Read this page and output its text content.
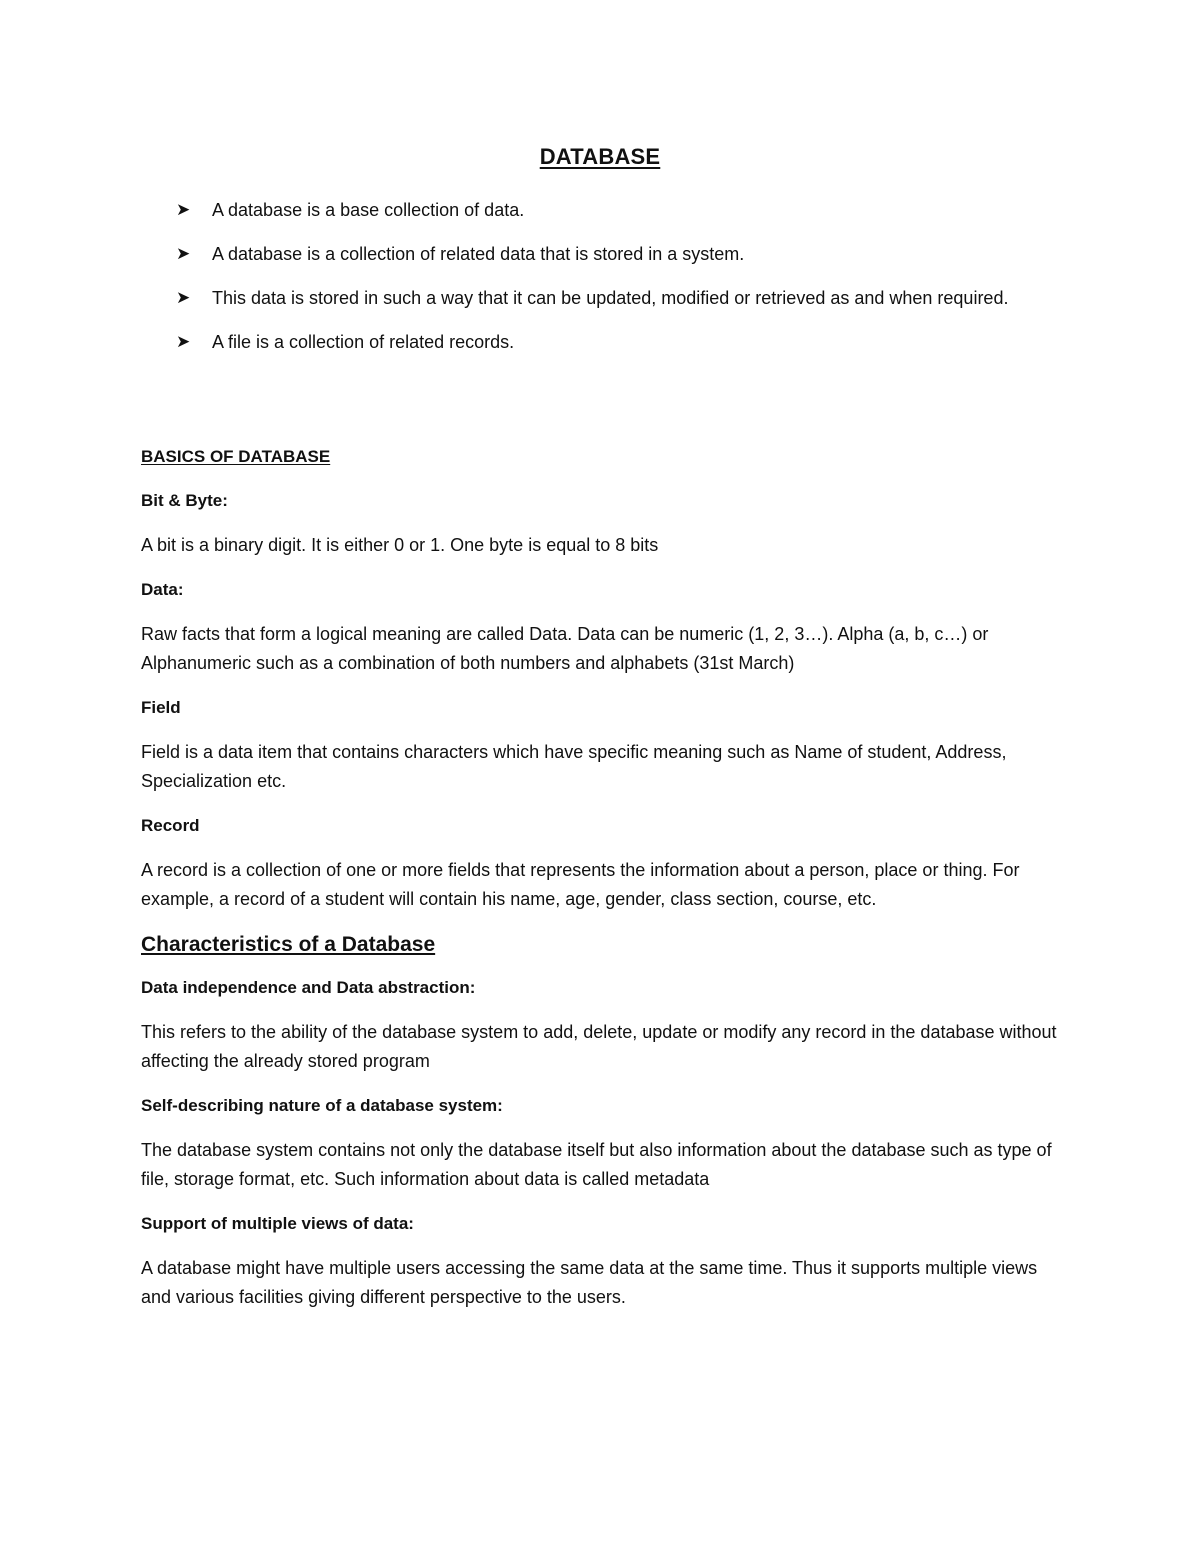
DATABASE
➤ A database is a base collection of data.
➤ A database is a collection of related data that is stored in a system.
➤ This data is stored in such a way that it can be updated, modified or retrieved as and when required.
➤ A file is a collection of related records.
BASICS OF DATABASE
Bit & Byte:

A bit is a binary digit. It is either 0 or 1. One byte is equal to 8 bits

Data:

Raw facts that form a logical meaning are called Data. Data can be numeric (1, 2, 3…). Alpha (a, b, c…) or Alphanumeric such as a combination of both numbers and alphabets (31st March)

Field

Field is a data item that contains characters which have specific meaning such as Name of student, Address, Specialization etc.

Record

A record is a collection of one or more fields that represents the information about a person, place or thing. For example, a record of a student will contain his name, age, gender, class section, course, etc.

Characteristics of a Database
Data independence and Data abstraction:

This refers to the ability of the database system to add, delete, update or modify any record in the database without affecting the already stored program

Self-describing nature of a database system:

The database system contains not only the database itself but also information about the database such as type of file, storage format, etc. Such information about data is called metadata

Support of multiple views of data:

A database might have multiple users accessing the same data at the same time. Thus it supports multiple views and various facilities giving different perspective to the users.
